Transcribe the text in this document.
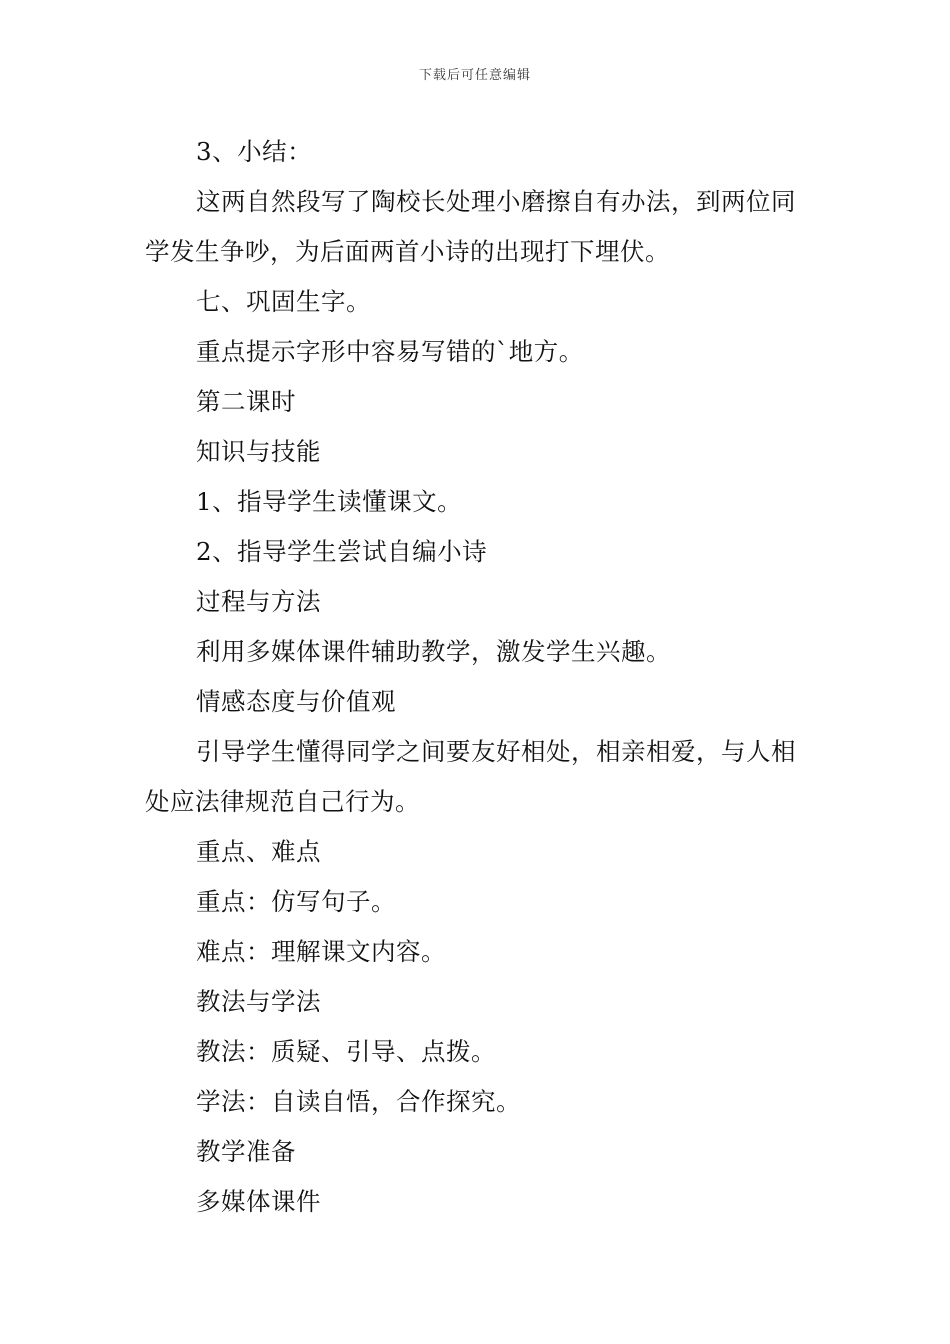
下载后可任意编辑

3、小结：

这两自然段写了陶校长处理小磨擦自有办法，到两位同学发生争吵，为后面两首小诗的出现打下埋伏。

七、巩固生字。

重点提示字形中容易写错的`地方。

第二课时

知识与技能

1、指导学生读懂课文。

2、指导学生尝试自编小诗

过程与方法

利用多媒体课件辅助教学，激发学生兴趣。

情感态度与价值观

引导学生懂得同学之间要友好相处，相亲相爱，与人相处应法律规范自己行为。

重点、难点

重点：仿写句子。

难点：理解课文内容。

教法与学法

教法：质疑、引导、点拨。

学法：自读自悟，合作探究。

教学准备

多媒体课件
